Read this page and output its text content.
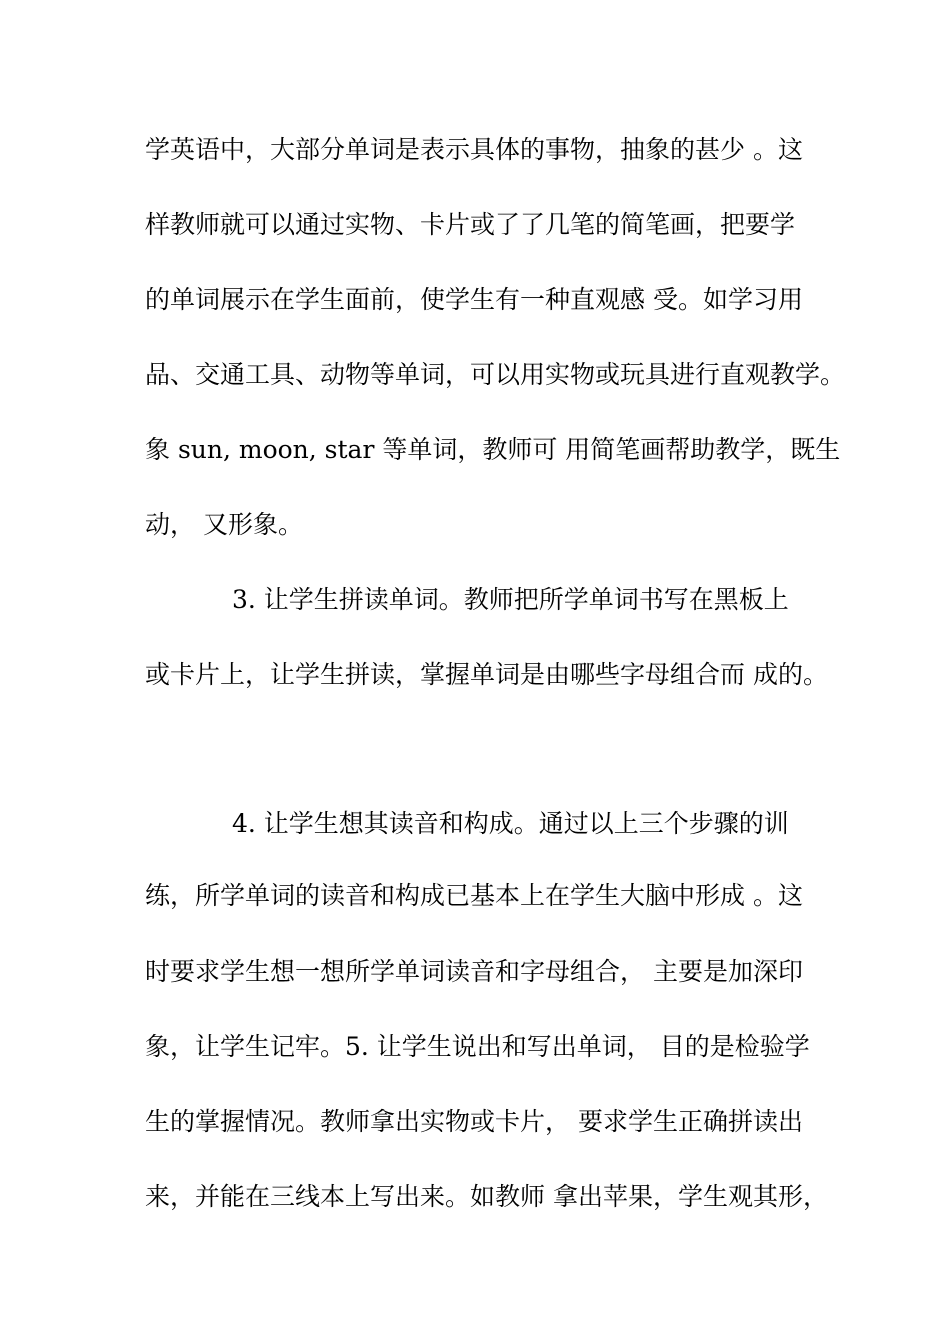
学英语中，大部分单词是表示具体的事物，抽象的甚少 。这
样教师就可以通过实物、卡片或了了几笔的简笔画，把要学
的单词展示在学生面前，使学生有一种直观感 受。如学习用
品、交通工具、动物等单词，可以用实物或玩具进行直观教学。
象 sun, moon, star 等单词，教师可 用简笔画帮助教学，既生
动， 又形象。
3. 让学生拼读单词。教师把所学单词书写在黑板上
或卡片上，让学生拼读，掌握单词是由哪些字母组合而 成的。
4. 让学生想其读音和构成。通过以上三个步骤的训
练，所学单词的读音和构成已基本上在学生大脑中形成 。这
时要求学生想一想所学单词读音和字母组合， 主要是加深印
象，让学生记牢。5. 让学生说出和写出单词， 目的是检验学
生的掌握情况。教师拿出实物或卡片， 要求学生正确拼读出
来，并能在三线本上写出来。如教师 拿出苹果，学生观其形，
